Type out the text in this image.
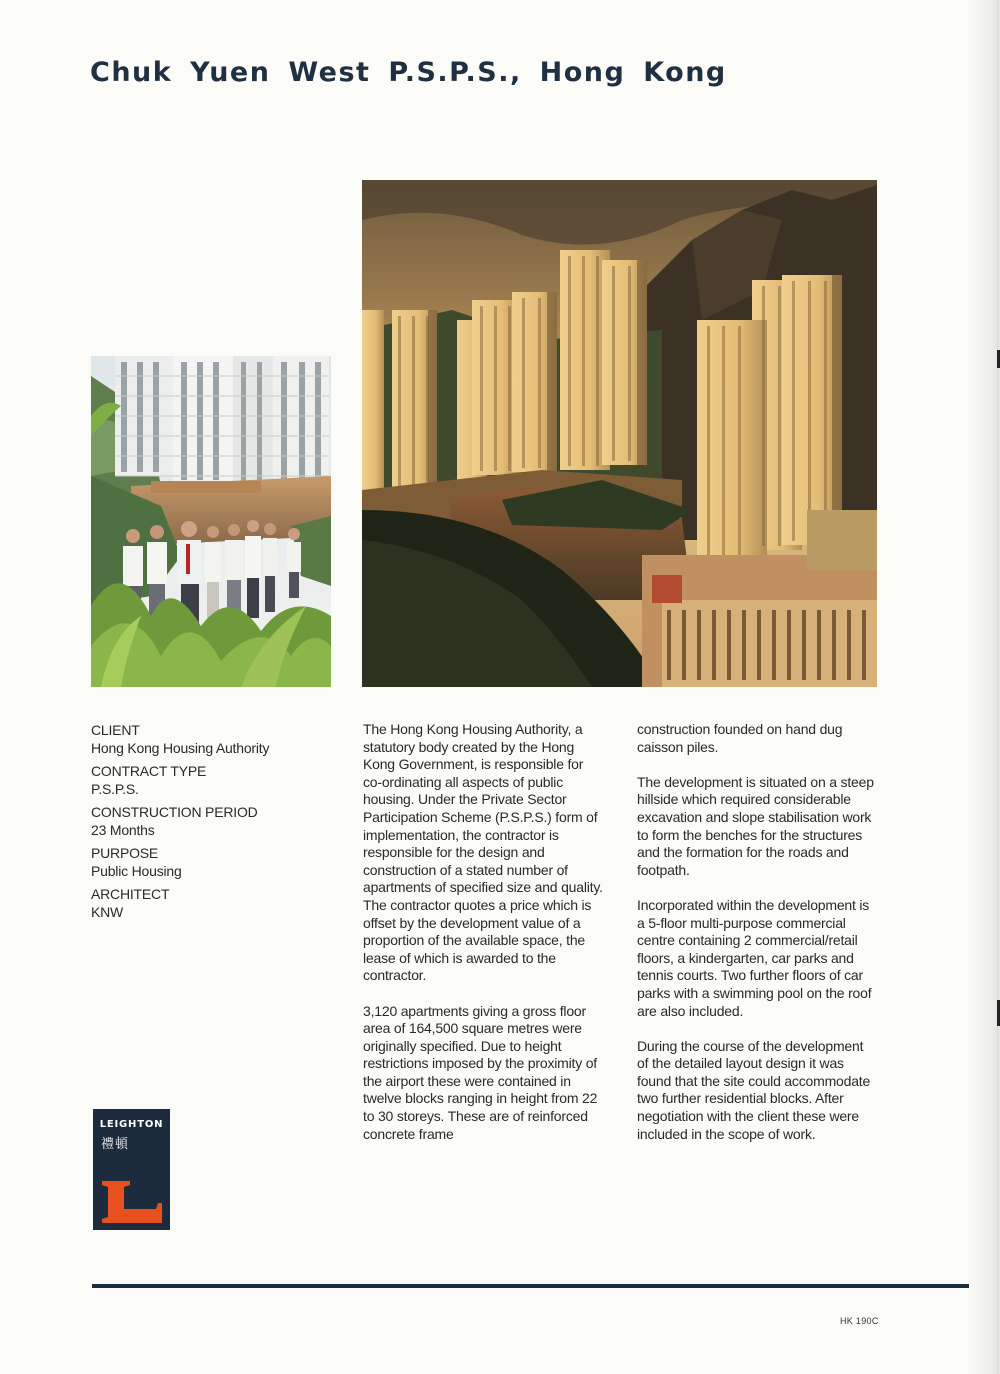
Chuk Yuen West P.S.P.S., Hong Kong
CLIENT
Hong Kong Housing Authority
CONTRACT TYPE
P.S.P.S.
CONSTRUCTION PERIOD
23 Months
PURPOSE
Public Housing
ARCHITECT
KNW

The Hong Kong Housing Authority, a statutory body created by the Hong Kong Government, is responsible for co-ordinating all aspects of public housing. Under the Private Sector Participation Scheme (P.S.P.S.) form of implementation, the contractor is responsible for the design and construction of a stated number of apartments of specified size and quality. The contractor quotes a price which is offset by the development value of a proportion of the available space, the lease of which is awarded to the contractor.

3,120 apartments giving a gross floor area of 164,500 square metres were originally specified. Due to height restrictions imposed by the proximity of the airport these were contained in twelve blocks ranging in height from 22 to 30 storeys. These are of reinforced concrete frame

construction founded on hand dug caisson piles.

The development is situated on a steep hillside which required considerable excavation and slope stabilisation work to form the benches for the structures and the formation for the roads and footpath.

Incorporated within the development is a 5-floor multi-purpose commercial centre containing 2 commercial/retail floors, a kindergarten, car parks and tennis courts. Two further floors of car parks with a swimming pool on the roof are also included.

During the course of the development of the detailed layout design it was found that the site could accommodate two further residential blocks. After negotiation with the client these were included in the scope of work.

LEIGHTON
禮頓
HK 190C
